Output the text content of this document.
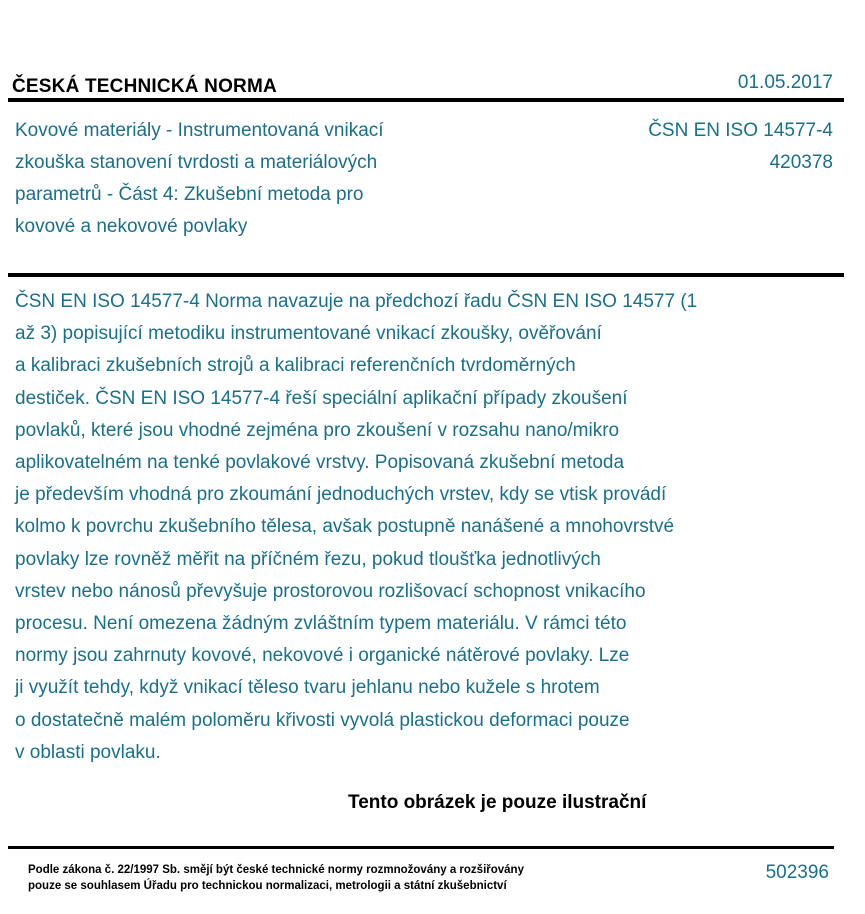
ČESKÁ TECHNICKÁ NORMA	01.05.2017
Kovové materiály - Instrumentovaná vnikací
zkouška stanovení tvrdosti a materiálových
parametrů - Část 4: Zkušební metoda pro
kovové a nekovové povlaky
ČSN EN ISO 14577-4
420378
ČSN EN ISO 14577-4 Norma navazuje na předchozí řadu ČSN EN ISO 14577 (1
až 3) popisující metodiku instrumentované vnikací zkoušky, ověřování
a kalibraci zkušebních strojů a kalibraci referenčních tvrdoměrných
destiček. ČSN EN ISO 14577-4 řeší speciální aplikační případy zkoušení
povlaků, které jsou vhodné zejména pro zkoušení v rozsahu nano/mikro
aplikovatelném na tenké povlakové vrstvy. Popisovaná zkušební metoda
je především vhodná pro zkoumání jednoduchých vrstev, kdy se vtisk provádí
kolmo k povrchu zkušebního tělesa, avšak postupně nanášené a mnohovrstvé
povlaky lze rovněž měřit na příčném řezu, pokud tloušťka jednotlivých
vrstev nebo nánosů převyšuje prostorovou rozlišovací schopnost vnikacího
procesu. Není omezena žádným zvláštním typem materiálu. V rámci této
normy jsou zahrnuty kovové, nekovové i organické nátěrové povlaky. Lze
ji využít tehdy, když vnikací těleso tvaru jehlanu nebo kužele s hrotem
o dostatečně malém poloměru křivosti vyvolá plastickou deformaci pouze
v oblasti povlaku.
Tento obrázek je pouze ilustrační
Podle zákona č. 22/1997 Sb. smějí být české technické normy rozmnožovány a rozšiřovány
pouze se souhlasem Úřadu pro technickou normalizaci, metrologii a státní zkušebnictví
502396
